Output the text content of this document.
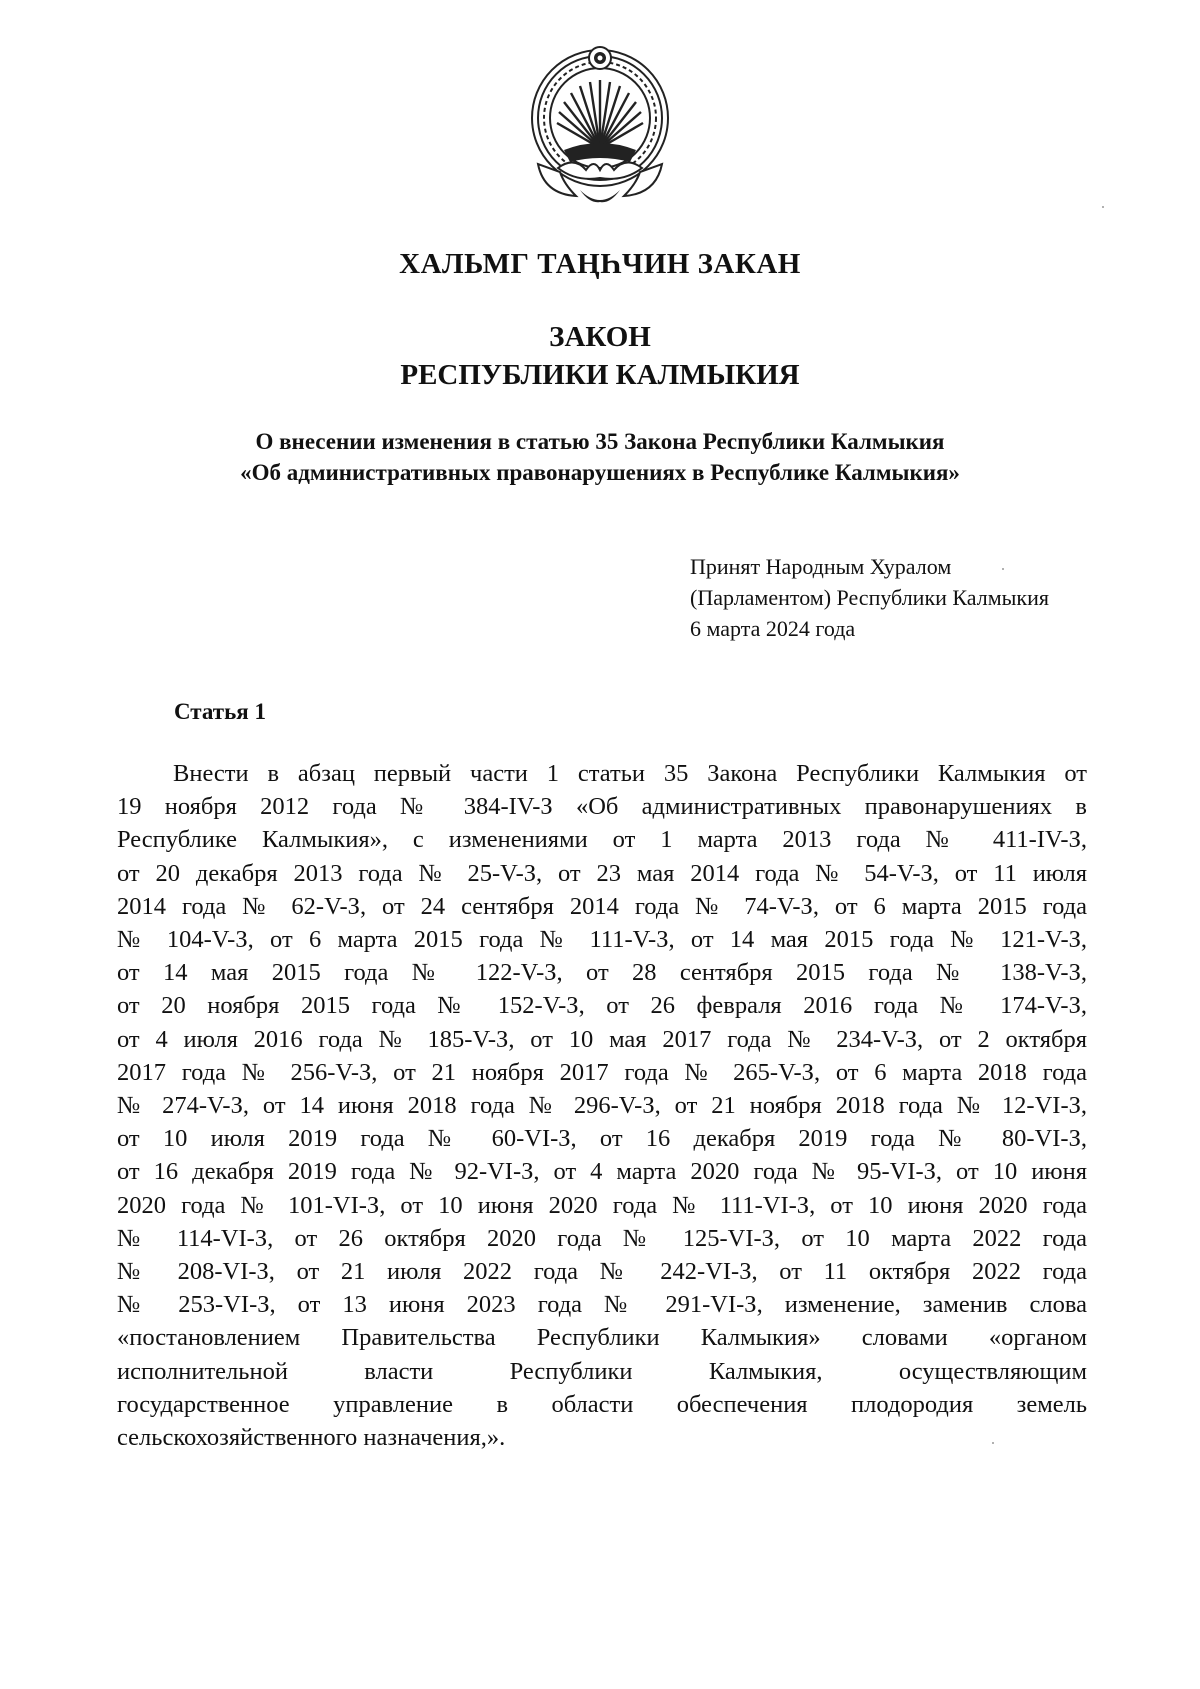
ХАЛЬМГ ТАҢҺЧИН ЗАКАН
ЗАКОН
РЕСПУБЛИКИ КАЛМЫКИЯ
О внесении изменения в статью 35 Закона Республики Калмыкия
«Об административных правонарушениях в Республике Калмыкия»
Принят Народным Хуралом
(Парламентом) Республики Калмыкия
6 марта 2024 года
Статья 1
Внести в абзац первый части 1 статьи 35 Закона Республики Калмыкия от
19 ноября 2012 года № 384-IV-З «Об административных правонарушениях в
Республике Калмыкия», с изменениями от 1 марта 2013 года № 411-IV-З,
от 20 декабря 2013 года № 25-V-З, от 23 мая 2014 года № 54-V-З, от 11 июля
2014 года № 62-V-З, от 24 сентября 2014 года № 74-V-З, от 6 марта 2015 года
№ 104-V-З, от 6 марта 2015 года № 111-V-З, от 14 мая 2015 года № 121-V-З,
от 14 мая 2015 года № 122-V-З, от 28 сентября 2015 года № 138-V-З,
от 20 ноября 2015 года № 152-V-З, от 26 февраля 2016 года № 174-V-З,
от 4 июля 2016 года № 185-V-З, от 10 мая 2017 года № 234-V-З, от 2 октября
2017 года № 256-V-З, от 21 ноября 2017 года № 265-V-З, от 6 марта 2018 года
№ 274-V-З, от 14 июня 2018 года № 296-V-З, от 21 ноября 2018 года № 12-VI-З,
от 10 июля 2019 года № 60-VI-З, от 16 декабря 2019 года № 80-VI-З,
от 16 декабря 2019 года № 92-VI-З, от 4 марта 2020 года № 95-VI-З, от 10 июня
2020 года № 101-VI-З, от 10 июня 2020 года № 111-VI-З, от 10 июня 2020 года
№ 114-VI-З, от 26 октября 2020 года № 125-VI-З, от 10 марта 2022 года
№ 208-VI-З, от 21 июля 2022 года № 242-VI-З, от 11 октября 2022 года
№ 253-VI-З, от 13 июня 2023 года № 291-VI-З, изменение, заменив слова
«постановлением Правительства Республики Калмыкия» словами «органом
исполнительной власти Республики Калмыкия, осуществляющим
государственное управление в области обеспечения плодородия земель
сельскохозяйственного назначения,».
